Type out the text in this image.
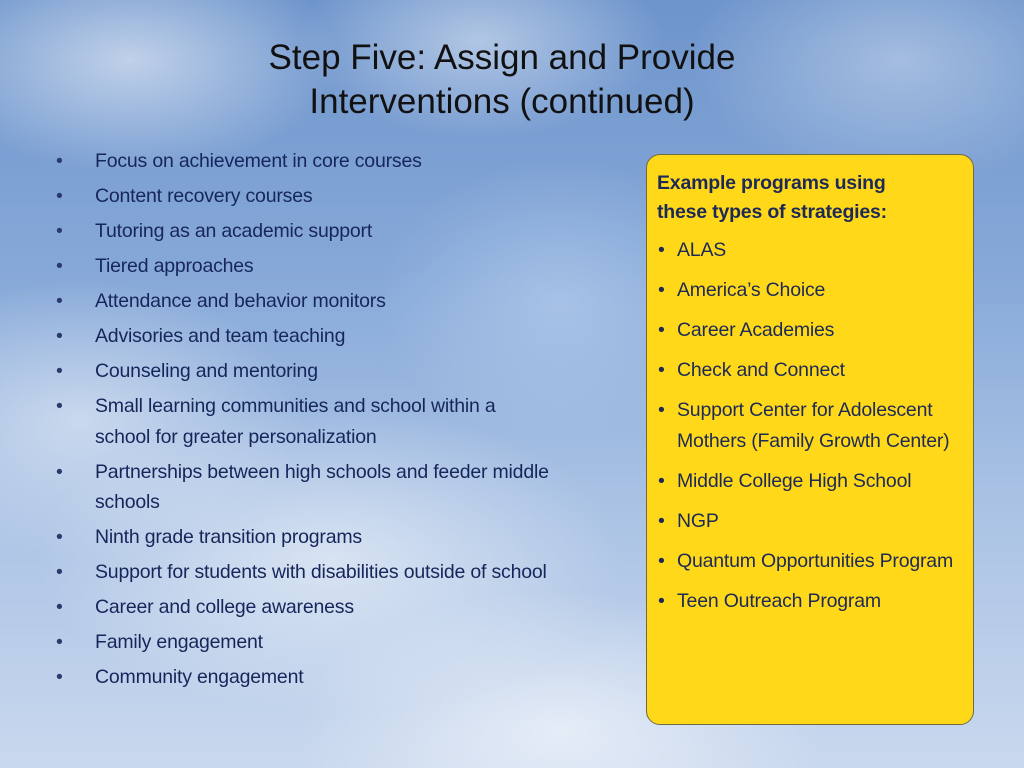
Step Five: Assign and Provide
Interventions (continued)
• Focus on achievement in core courses
• Content recovery courses
• Tutoring as an academic support
• Tiered approaches
• Attendance and behavior monitors
• Advisories and team teaching
• Counseling and mentoring
• Small learning communities and school within a school for greater personalization
• Partnerships between high schools and feeder middle schools
• Ninth grade transition programs
• Support for students with disabilities outside of school
• Career and college awareness
• Family engagement
• Community engagement
Example programs using
these types of strategies:
• ALAS
• America’s Choice
• Career Academies
• Check and Connect
• Support Center for Adolescent Mothers (Family Growth Center)
• Middle College High School
• NGP
• Quantum Opportunities Program
• Teen Outreach Program
